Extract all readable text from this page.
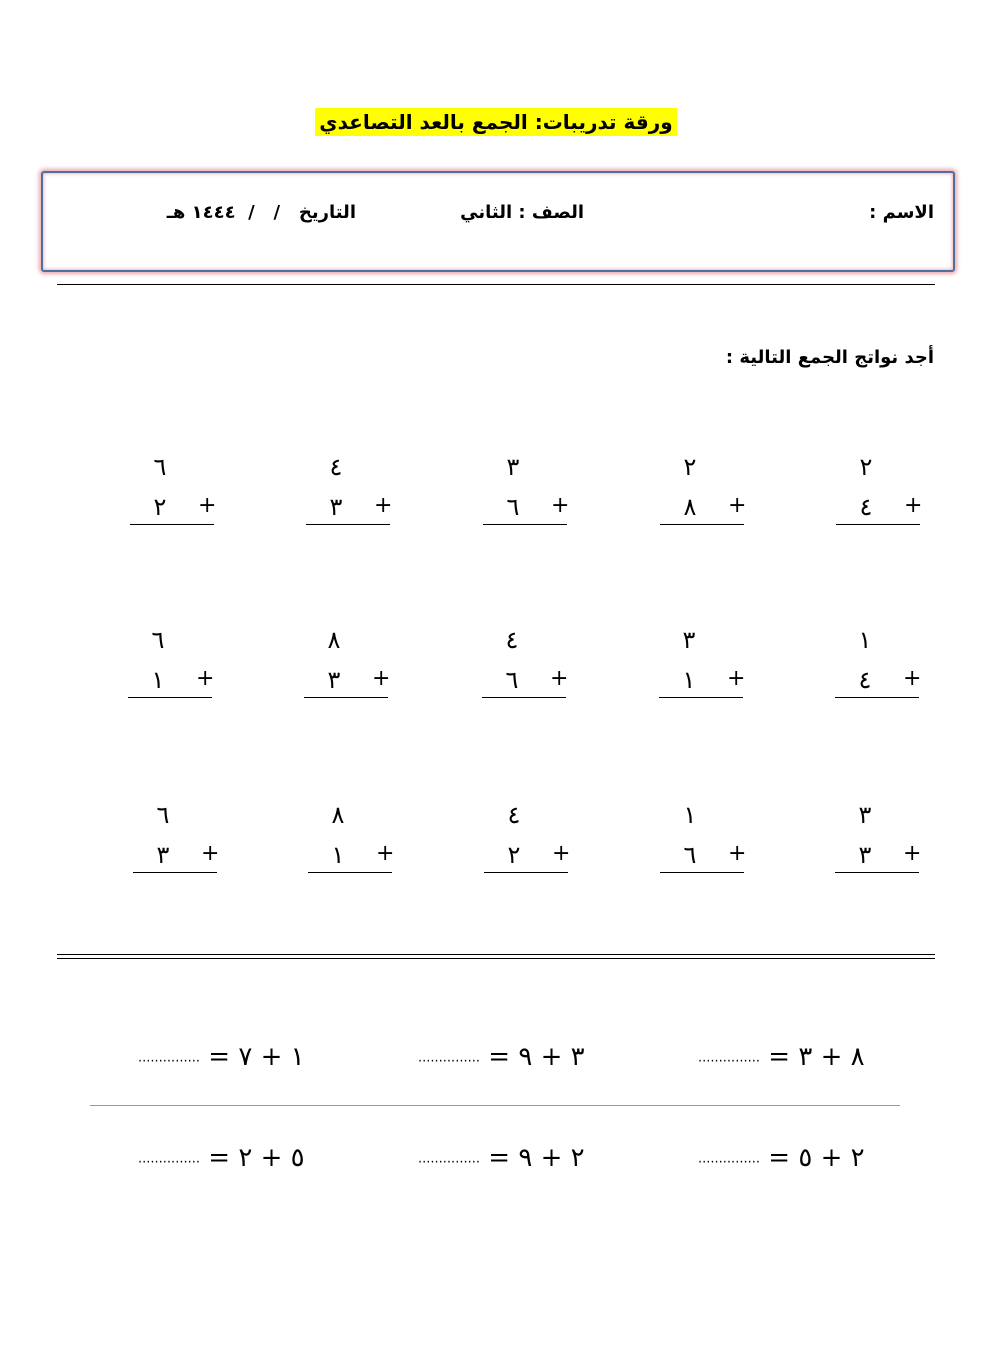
ورقة تدريبات: الجمع بالعد التصاعدي
الاسم :
الصف : الثاني
التاريخ   /   /  ١٤٤٤ هـ
أجد نواتج الجمع التالية :
٦
٢	+
٤
٣	+
٣
٦	+
٢
٨	+
٢
٤	+
٦
١	+
٨
٣	+
٤
٦	+
٣
١	+
١
٤	+
٦
٣	+
٨
١	+
٤
٢	+
١
٦	+
٣
٣	+
............... = ١ + ٧	............... = ٣ + ٩	............... = ٨ + ٣
............... = ٥ + ٢	............... = ٢ + ٩	............... = ٢ + ٥
